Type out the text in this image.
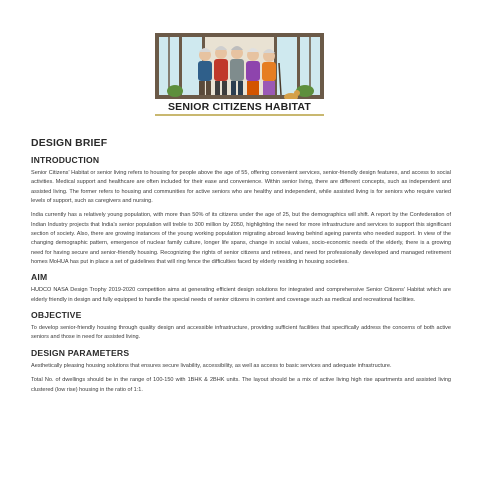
SENIOR CITIZENS HABITAT
DESIGN BRIEF
INTRODUCTION

Senior Citizens' Habitat or senior living refers to housing for people above the age of 55, offering convenient services, senior-friendly design features, and access to social activities. Medical support and healthcare are often included for their ease and convenience. Within senior living, there are different concepts, such as independent and assisted living. The former refers to housing and communities for active seniors who are healthy and independent, while assisted living is for seniors who require varied levels of support, such as caregivers and nursing.

India currently has a relatively young population, with more than 50% of its citizens under the age of 25, but the demographics will shift. A report by the Confederation of Indian Industry projects that India's senior population will treble to 300 million by 2050, highlighting the need for more infrastructure and services to support this significant section of society. Also, there are growing instances of the young working population migrating abroad leaving behind ageing parents who needed support. In view of the changing demographic pattern, emergence of nuclear family culture, longer life spans, change in social values, socio-economic needs of the elderly, there is a growing need for having secure and senior-friendly housing. Recognizing the rights of senior citizens and retirees, and need for professionally developed and managed retirement homes MoHUA has put in place a set of guidelines that will ring fence the difficulties faced by elderly residing in housing societies.

AIM

HUDCO NASA Design Trophy 2019-2020 competition aims at generating efficient design solutions for integrated and comprehensive Senior Citizens' Habitat which are elderly friendly in design and fully equipped to handle the special needs of senior citizens in content and coverage such as medical and recreational facilities.

OBJECTIVE

To develop senior-friendly housing through quality design and accessible infrastructure, providing sufficient facilities that specifically address the concerns of both active seniors and those in need for assisted living.

DESIGN PARAMETERS

Aesthetically pleasing housing solutions that ensures secure livability, accessibility, as well as access to basic services and adequate infrastructure.

Total No. of dwellings should be in the range of 100-150 with 1BHK & 2BHK units. The layout should be a mix of active living high rise apartments and assisted living clustered (low rise) housing in the ratio of 1:1.
